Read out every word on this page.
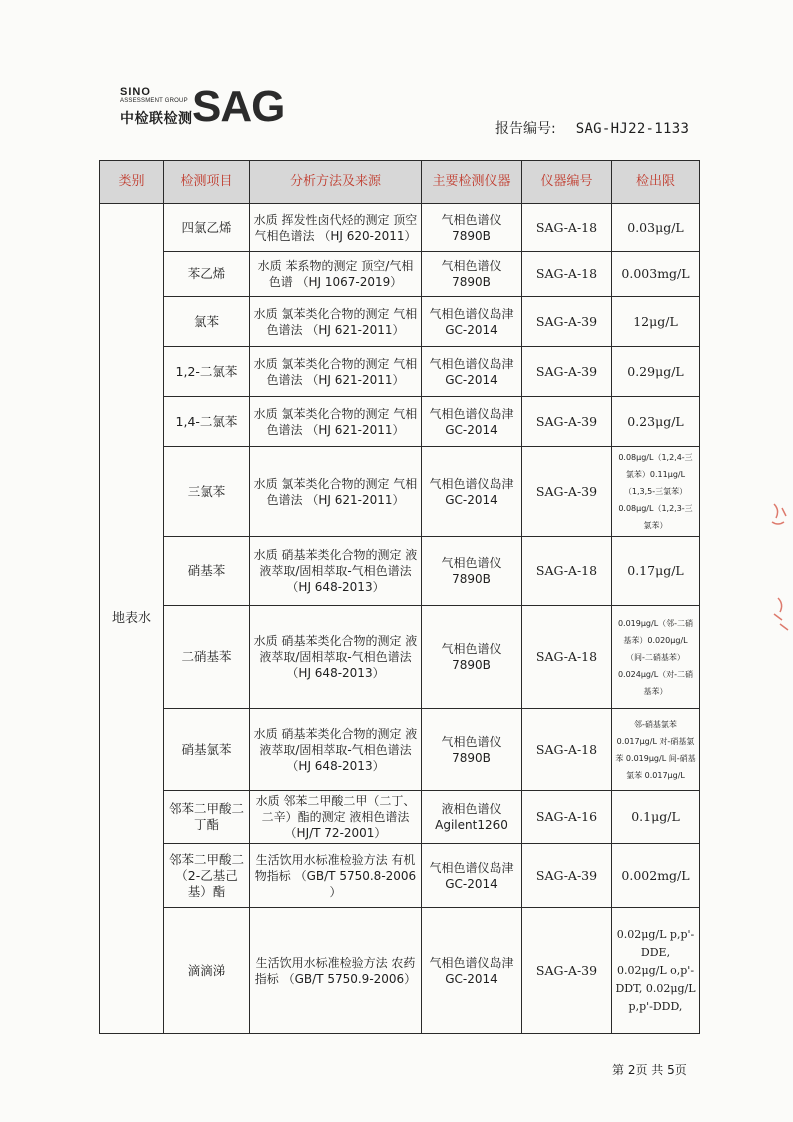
SINO
ASSESSMENT GROUP
中检联检测 SAG	报告编号: SAG-HJ22-1133
类别	检测项目	分析方法及来源	主要检测仪器	仪器编号	检出限
地表水	四氯乙烯	水质 挥发性卤代烃的测定 顶空气相色谱法 （HJ 620-2011）	气相色谱仪 7890B	SAG-A-18	0.03μg/L
	苯乙烯	水质 苯系物的测定 顶空/气相色谱 （HJ 1067-2019）	气相色谱仪 7890B	SAG-A-18	0.003mg/L
	氯苯	水质 氯苯类化合物的测定 气相色谱法 （HJ 621-2011）	气相色谱仪岛津 GC-2014	SAG-A-39	12μg/L
	1,2-二氯苯	水质 氯苯类化合物的测定 气相色谱法 （HJ 621-2011）	气相色谱仪岛津 GC-2014	SAG-A-39	0.29μg/L
	1,4-二氯苯	水质 氯苯类化合物的测定 气相色谱法 （HJ 621-2011）	气相色谱仪岛津 GC-2014	SAG-A-39	0.23μg/L
	三氯苯	水质 氯苯类化合物的测定 气相色谱法 （HJ 621-2011）	气相色谱仪岛津 GC-2014	SAG-A-39	0.08μg/L（1,2,4-三氯苯）0.11μg/L（1,3,5-三氯苯）0.08μg/L（1,2,3-三氯苯）
	硝基苯	水质 硝基苯类化合物的测定 液液萃取/固相萃取-气相色谱法 （HJ 648-2013）	气相色谱仪 7890B	SAG-A-18	0.17μg/L
	二硝基苯	水质 硝基苯类化合物的测定 液液萃取/固相萃取-气相色谱法 （HJ 648-2013）	气相色谱仪 7890B	SAG-A-18	0.019μg/L（邻-二硝基苯）0.020μg/L（间-二硝基苯） 0.024μg/L（对-二硝基苯）
	硝基氯苯	水质 硝基苯类化合物的测定 液液萃取/固相萃取-气相色谱法（HJ 648-2013）	气相色谱仪 7890B	SAG-A-18	邻-硝基氯苯 0.017μg/L 对-硝基氯苯 0.019μg/L 间-硝基氯苯 0.017μg/L
	邻苯二甲酸二丁酯	水质 邻苯二甲酸二甲（二丁、二辛）酯的测定 液相色谱法 （HJ/T 72-2001）	液相色谱仪 Agilent1260	SAG-A-16	0.1μg/L
	邻苯二甲酸二（2-乙基己基）酯	生活饮用水标准检验方法 有机物指标 （GB/T 5750.8-2006 ）	气相色谱仪岛津 GC-2014	SAG-A-39	0.002mg/L
	滴滴涕	生活饮用水标准检验方法 农药指标 （GB/T 5750.9-2006）	气相色谱仪岛津 GC-2014	SAG-A-39	0.02μg/L p,p'-DDE, 0.02μg/L o,p'-DDT, 0.02μg/L p,p'-DDD,
第 2页 共 5页
